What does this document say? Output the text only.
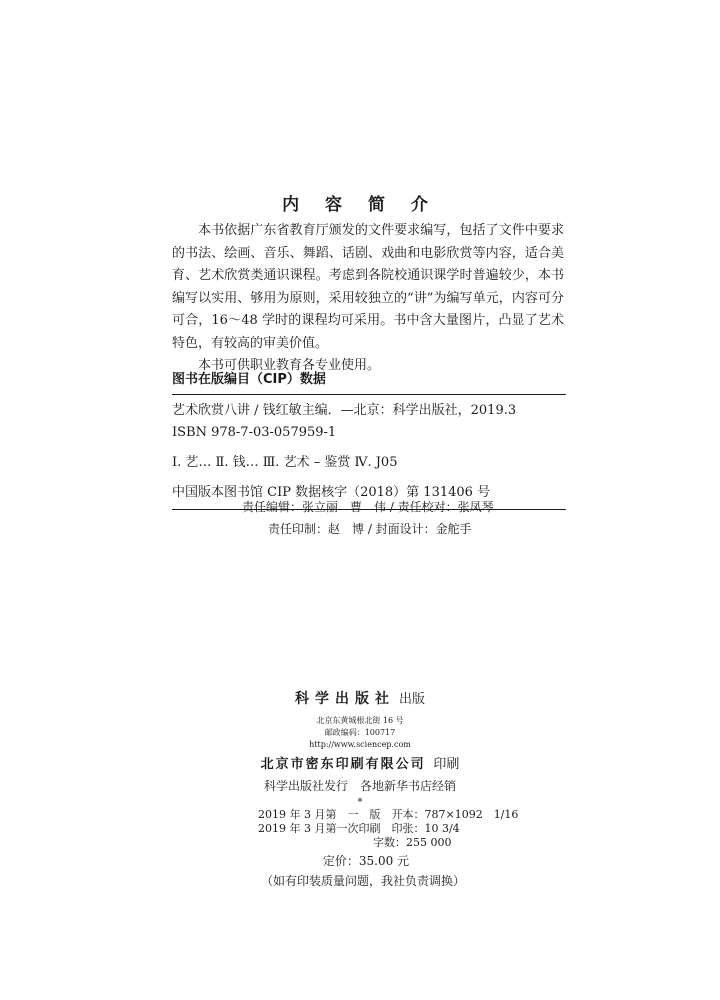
内 容 简 介

本书依据广东省教育厅颁发的文件要求编写，包括了文件中要求的书法、绘画、音乐、舞蹈、话剧、戏曲和电影欣赏等内容，适合美育、艺术欣赏类通识课程。考虑到各院校通识课学时普遍较少，本书编写以实用、够用为原则，采用较独立的“讲”为编写单元，内容可分可合，16～48 学时的课程均可采用。书中含大量图片，凸显了艺术特色，有较高的审美价值。

本书可供职业教育各专业使用。

图书在版编目（CIP）数据
艺术欣赏八讲 / 钱红敏主编．—北京：科学出版社，2019.3
ISBN 978-7-03-057959-1
Ⅰ. 艺… Ⅱ. 钱… Ⅲ. 艺术 – 鉴赏 Ⅳ. J05
中国版本图书馆 CIP 数据核字（2018）第 131406 号
责任编辑：张立丽　曹　伟 / 责任校对：张凤琴
责任印制：赵　博 / 封面设计：金舵手
科学出版社 出版
北京东黄城根北街 16 号
邮政编码：100717
http://www.sciencep.com
北京市密东印刷有限公司 印刷
科学出版社发行　各地新华书店经销
*
2019 年 3 月第　一　版　开本：787×1092　1/16
2019 年 3 月第一次印刷　印张：10 3/4
字数：255 000
定价：35.00 元
（如有印装质量问题，我社负责调换）
